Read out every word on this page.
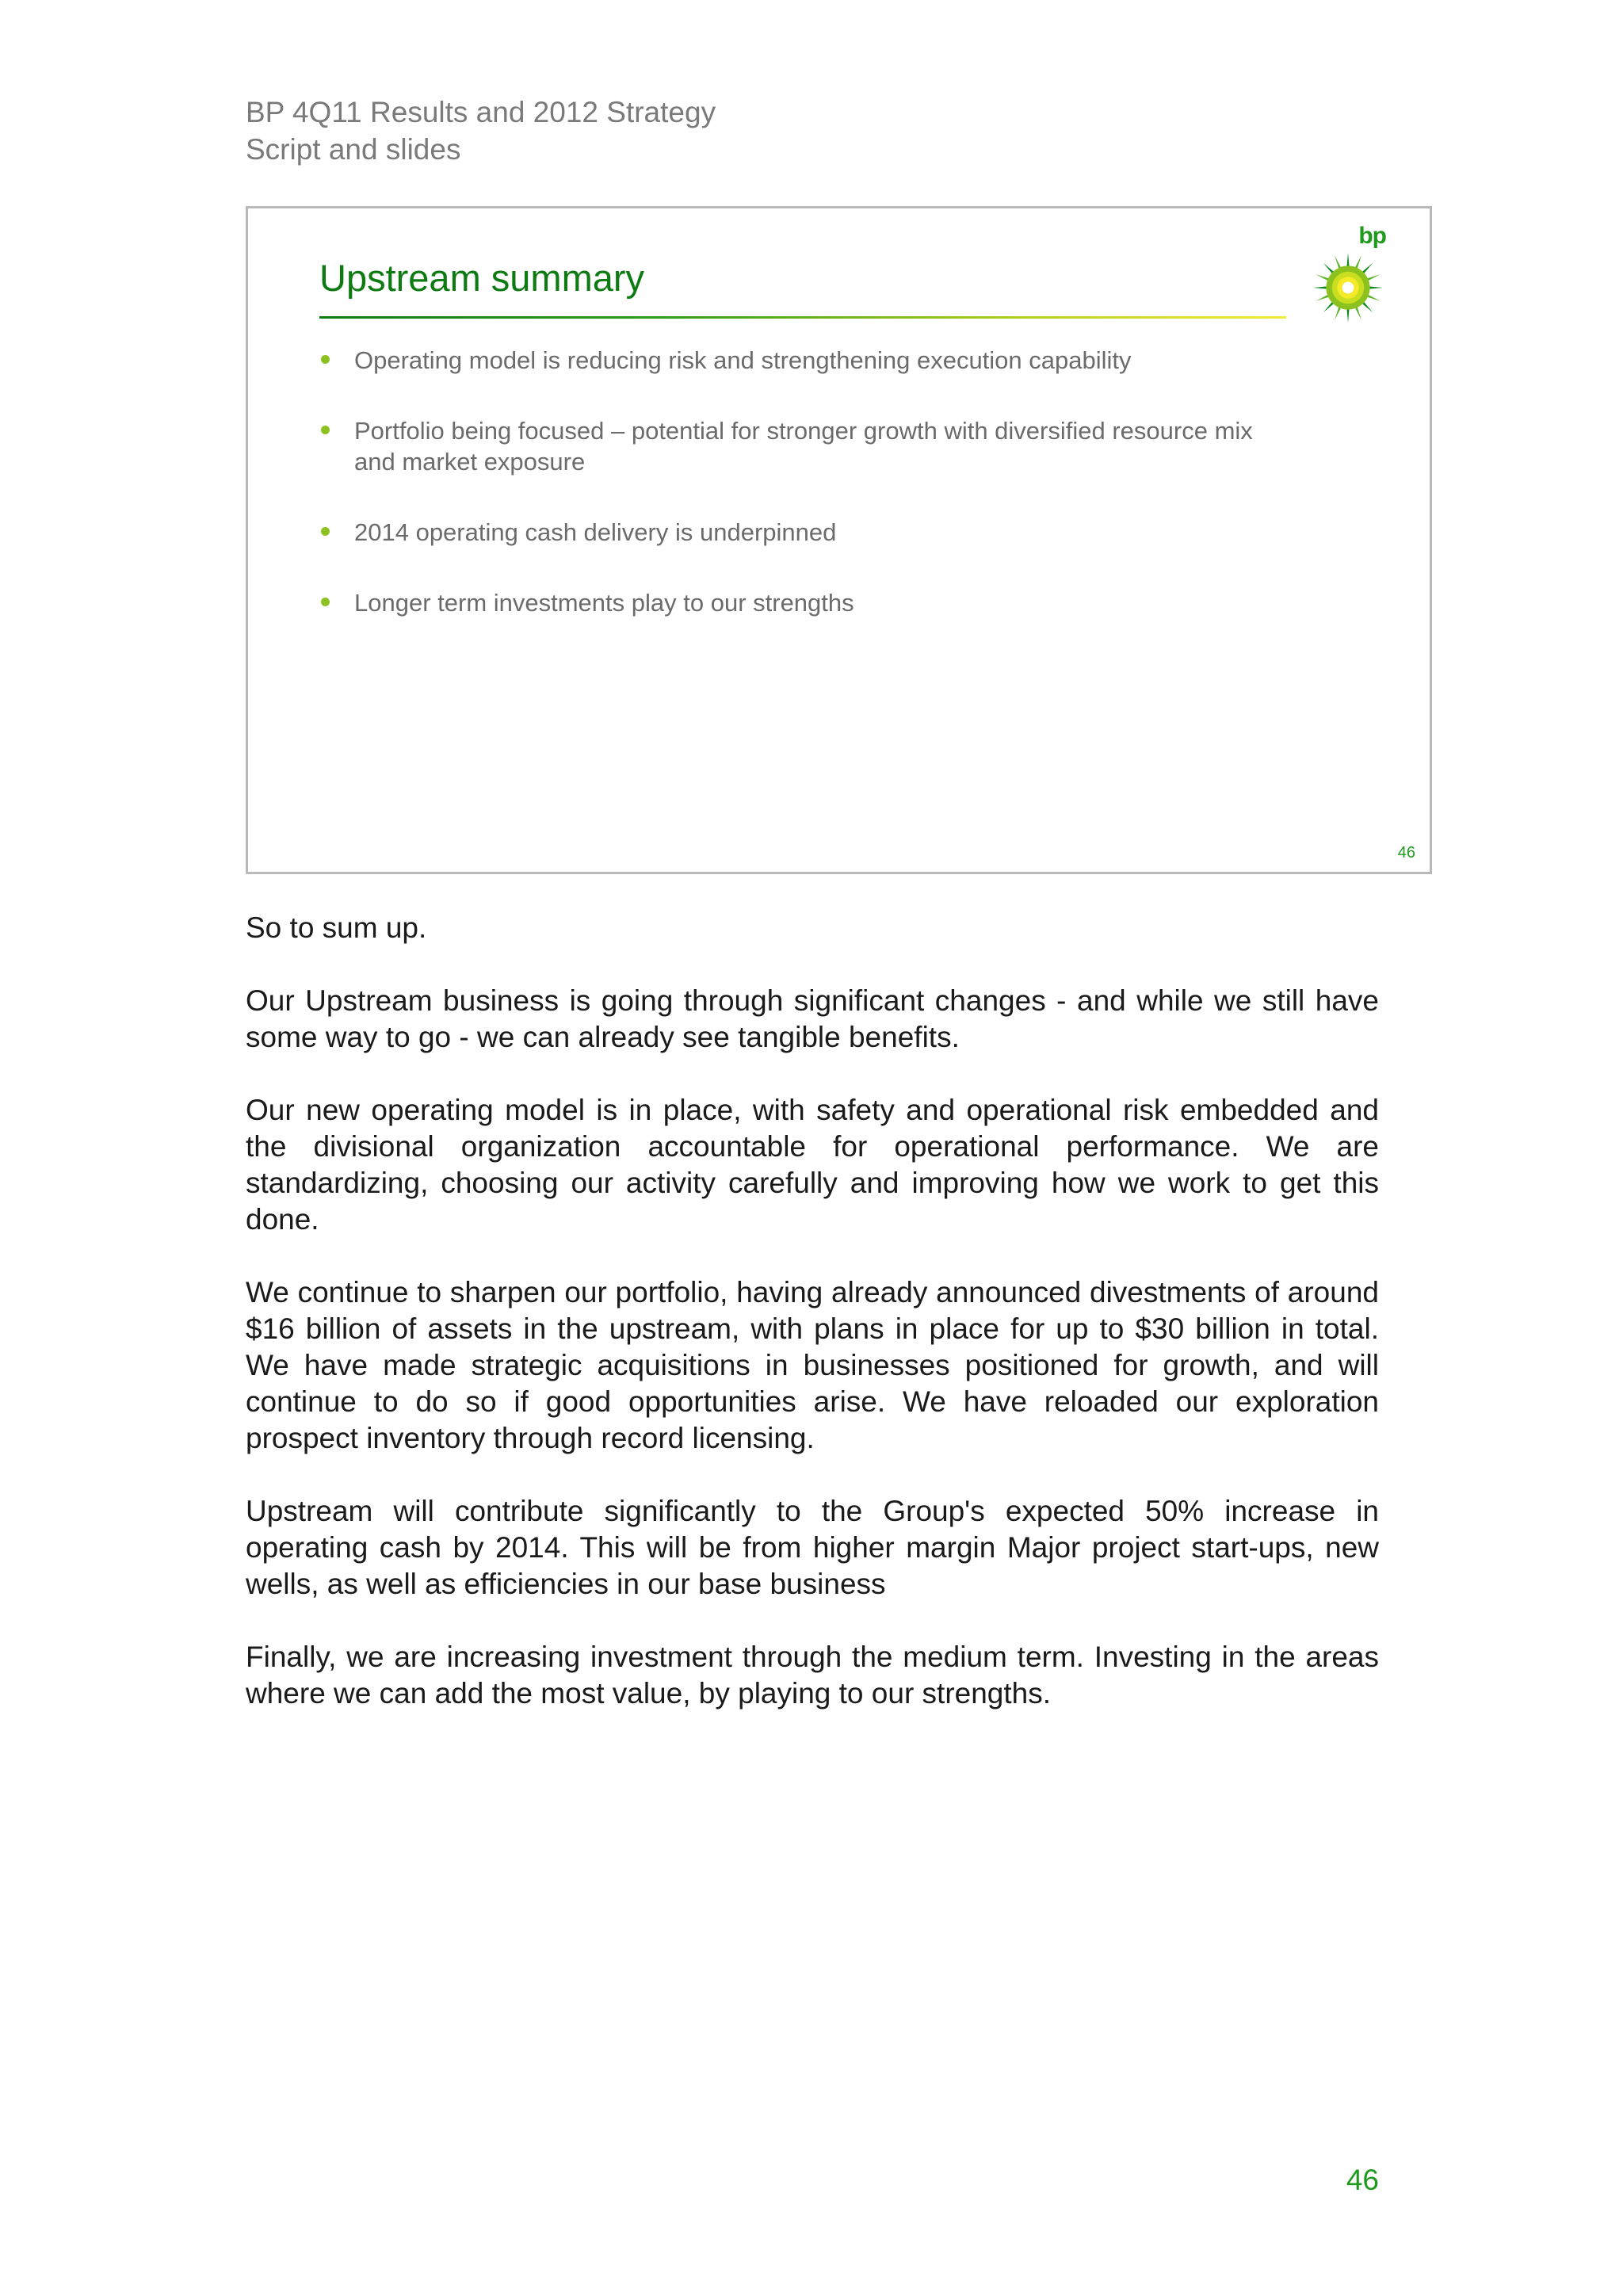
BP 4Q11 Results and 2012 Strategy
Script and slides
Upstream summary
bp
Operating model is reducing risk and strengthening execution capability
Portfolio being focused – potential for stronger growth with diversified resource mix and market exposure
2014 operating cash delivery is underpinned
Longer term investments play to our strengths
46

So to sum up.

Our Upstream business is going through significant changes - and while we still have some way to go - we can already see tangible benefits.

Our new operating model is in place, with safety and operational risk embedded and the divisional organization accountable for operational performance. We are standardizing, choosing our activity carefully and improving how we work to get this done.

We continue to sharpen our portfolio, having already announced divestments of around $16 billion of assets in the upstream, with plans in place for up to $30 billion in total. We have made strategic acquisitions in businesses positioned for growth, and will continue to do so if good opportunities arise. We have reloaded our exploration prospect inventory through record licensing.

Upstream will contribute significantly to the Group's expected 50% increase in operating cash by 2014. This will be from higher margin Major project start-ups, new wells, as well as efficiencies in our base business

Finally, we are increasing investment through the medium term. Investing in the areas where we can add the most value, by playing to our strengths.

46
